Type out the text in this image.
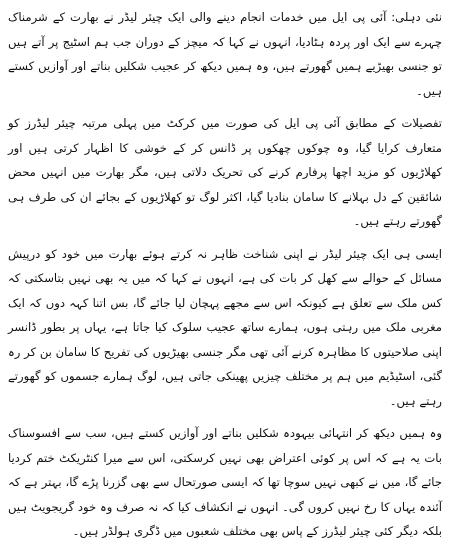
نئی دہلی: آئی پی ایل میں خدمات انجام دینے والی ایک چیئر لیڈر نے بھارت کے شرمناک چہرے سے ایک اور پردہ ہٹادیا، انہوں نے کہا کہ میچز کے دوران جب ہم اسٹیج پر آتے ہیں تو جنسی بھیڑیے ہمیں گھورتے ہیں، وہ ہمیں دیکھ کر عجیب شکلیں بناتے اور آوازیں کستے ہیں۔

تفصیلات کے مطابق آئی پی ایل کی صورت میں کرکٹ میں پہلی مرتبہ چیئر لیڈرز کو متعارف کرایا گیا، وہ چوکوں چھکوں پر ڈانس کر کے خوشی کا اظہار کرتی ہیں اور کھلاڑیوں کو مزید اچھا پرفارم کرنے کی تحریک دلاتی ہیں، مگر بھارت میں انہیں محض شائقین کے دل بہلانے کا سامان بنادیا گیا، اکثر لوگ تو کھلاڑیوں کے بجائے ان کی طرف ہی گھورتے رہتے ہیں۔

ایسی ہی ایک چیئر لیڈر نے اپنی شناخت ظاہر نہ کرتے ہوئے بھارت میں خود کو درپیش مسائل کے حوالے سے کھل کر بات کی ہے، انہوں نے کہا کہ میں یہ بھی نہیں بتاسکتی کہ کس ملک سے تعلق ہے کیونکہ اس سے مجھے پہچان لیا جائے گا، بس اتنا کہہ دوں کہ ایک مغربی ملک میں رہتی ہوں، ہمارے ساتھ عجیب سلوک کیا جاتا ہے، یہاں پر بطور ڈانسر اپنی صلاحیتوں کا مظاہرہ کرنے آئی تھی مگر جنسی بھیڑیوں کی تفریح کا سامان بن کر رہ گئی، اسٹیڈیم میں ہم پر مختلف چیزیں پھینکی جاتی ہیں، لوگ ہمارے جسموں کو گھورتے رہتے ہیں۔

وہ ہمیں دیکھ کر انتہائی بیہودہ شکلیں بناتے اور آوازیں کستے ہیں، سب سے افسوسناک بات یہ ہے کہ اس پر کوئی اعتراض بھی نہیں کرسکتی، اس سے میرا کنٹریکٹ ختم کردیا جائے گا، میں نے کبھی نہیں سوچا تھا کہ ایسی صورتحال سے بھی گزرنا پڑے گا، بہتر ہے کہ آئندہ یہاں کا رخ نہیں کروں گی۔ انہوں نے انکشاف کیا کہ نہ صرف وہ خود گریجویٹ ہیں بلکہ دیگر کئی چیئر لیڈرز کے پاس بھی مختلف شعبوں میں ڈگری ہولڈر ہیں۔
